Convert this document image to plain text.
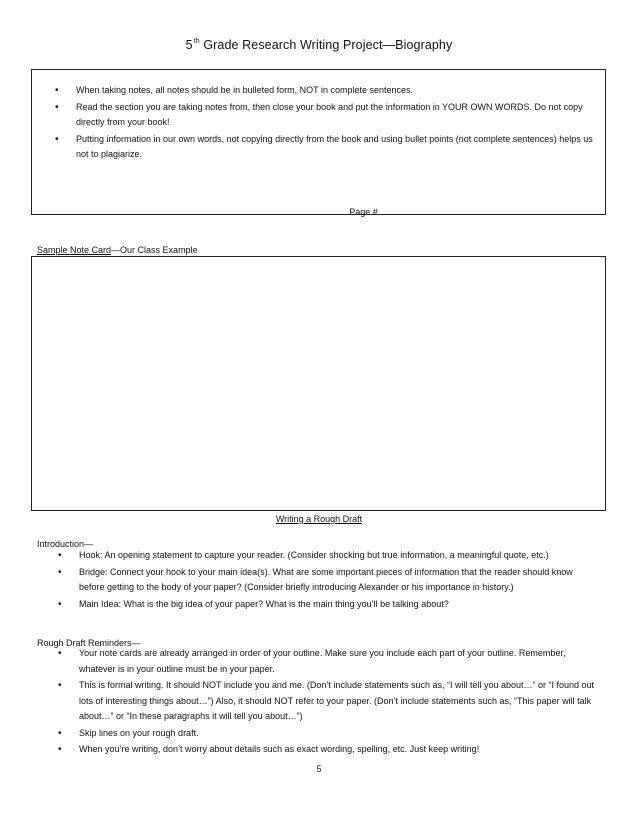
5th Grade Research Writing Project—Biography
• When taking notes, all notes should be in bulleted form, NOT in complete sentences.
• Read the section you are taking notes from, then close your book and put the information in YOUR OWN WORDS. Do not copy directly from your book!
• Putting information in our own words, not copying directly from the book and using bullet points (not complete sentences) helps us not to plagiarize.
Page #
Sample Note Card—Our Class Example
Writing a Rough Draft
Introduction—
• Hook: An opening statement to capture your reader. (Consider shocking but true information, a meaningful quote, etc.)
• Bridge: Connect your hook to your main idea(s). What are some important pieces of information that the reader should know before getting to the body of your paper? (Consider briefly introducing Alexander or his importance in history.)
• Main Idea: What is the big idea of your paper? What is the main thing you’ll be talking about?
Rough Draft Reminders—
• Your note cards are already arranged in order of your outline. Make sure you include each part of your outline. Remember, whatever is in your outline must be in your paper.
• This is formal writing. It should NOT include you and me. (Don’t include statements such as, “I will tell you about…” or “I found out lots of interesting things about…”) Also, it should NOT refer to your paper. (Don’t include statements such as, “This paper will talk about…” or “In these paragraphs it will tell you about…”)
• Skip lines on your rough draft.
• When you’re writing, don’t worry about details such as exact wording, spelling, etc. Just keep writing!
5
